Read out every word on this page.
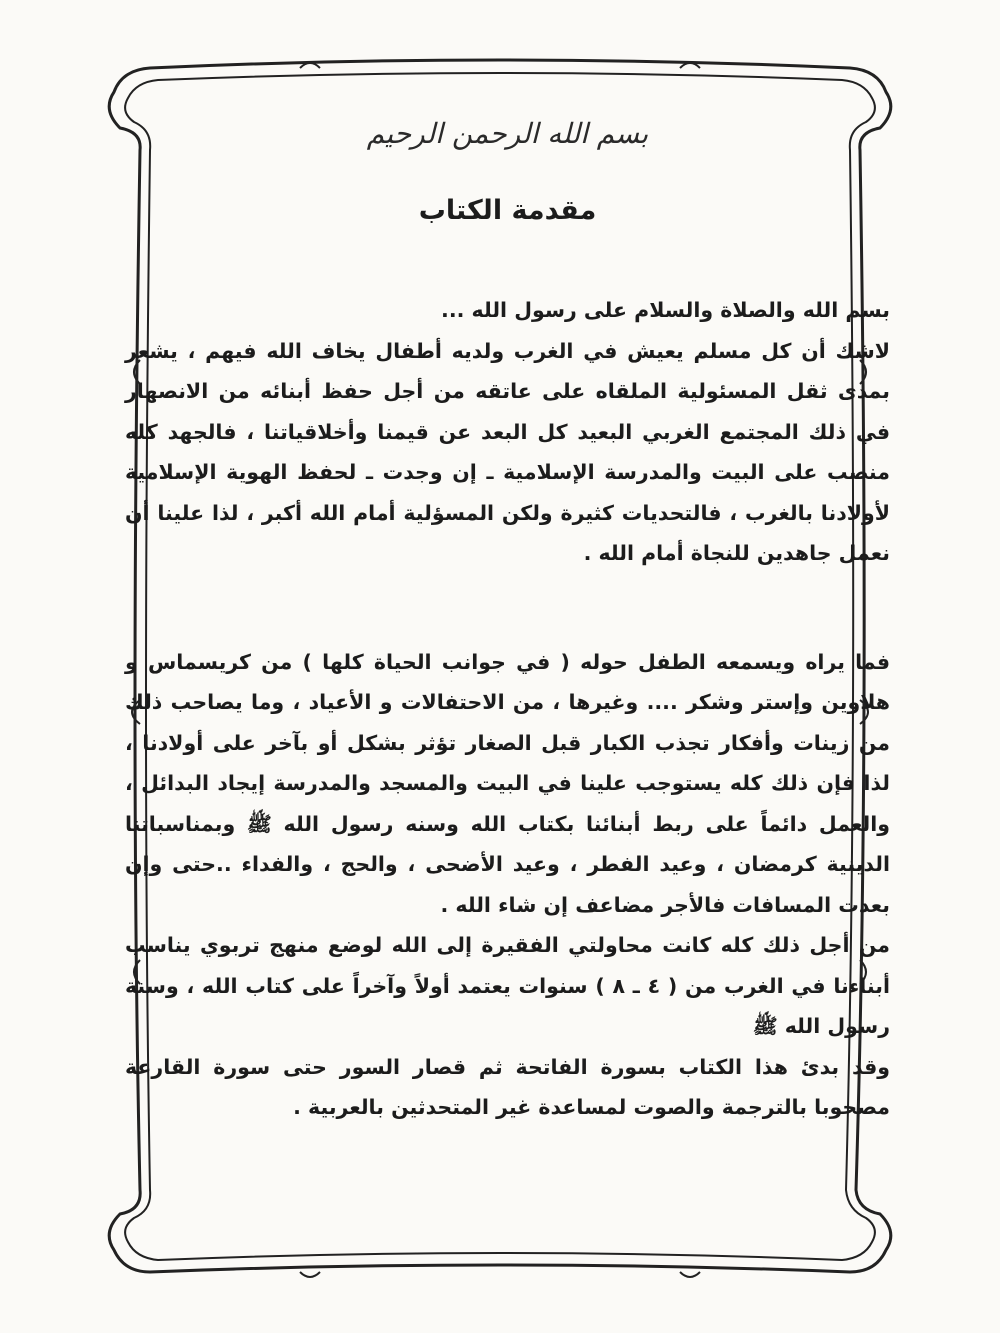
بسم الله الرحمن الرحيم
مقدمة الكتاب

بسم الله والصلاة والسلام على رسول الله ...

لاشك أن كل مسلم يعيش في الغرب ولديه أطفال يخاف الله فيهم ، يشعر بمدى ثقل المسئولية الملقاه على عاتقه من أجل حفظ أبنائه من الانصهار في ذلك المجتمع الغربي البعيد كل البعد عن قيمنا وأخلاقياتنا ، فالجهد كله منصب على البيت والمدرسة الإسلامية ـ إن وجدت ـ لحفظ الهوية الإسلامية لأولادنا بالغرب ، فالتحديات كثيرة ولكن المسؤلية أمام الله أكبر ، لذا علينا أن نعمل جاهدين للنجاة أمام الله .

فما يراه ويسمعه الطفل حوله ( في جوانب الحياة كلها ) من كريسماس و هلاوين وإستر وشكر .... وغيرها ، من الاحتفالات و الأعياد ، وما يصاحب ذلك من زينات وأفكار تجذب الكبار قبل الصغار تؤثر بشكل أو بآخر على أولادنا ، لذا فإن ذلك كله يستوجب علينا في البيت والمسجد والمدرسة إيجاد البدائل ، والعمل دائماً على ربط أبنائنا بكتاب الله وسنه رسول الله ﷺ وبمناسباتنا الدينية كرمضان ، وعيد الفطر ، وعيد الأضحى ، والحج ، والفداء ..حتى وإن بعدت المسافات فالأجر مضاعف إن شاء الله .

من أجل ذلك كله كانت محاولتي الفقيرة إلى الله لوضع منهج تربوي يناسب أبناءنا في الغرب من ( ٤ ـ ٨ ) سنوات يعتمد أولاً وآخراً على كتاب الله ، وسنة رسول الله ﷺ

وقد بدئ هذا الكتاب بسورة الفاتحة ثم قصار السور حتى سورة القارعة مصحوبا بالترجمة والصوت لمساعدة غير المتحدثين بالعربية .
